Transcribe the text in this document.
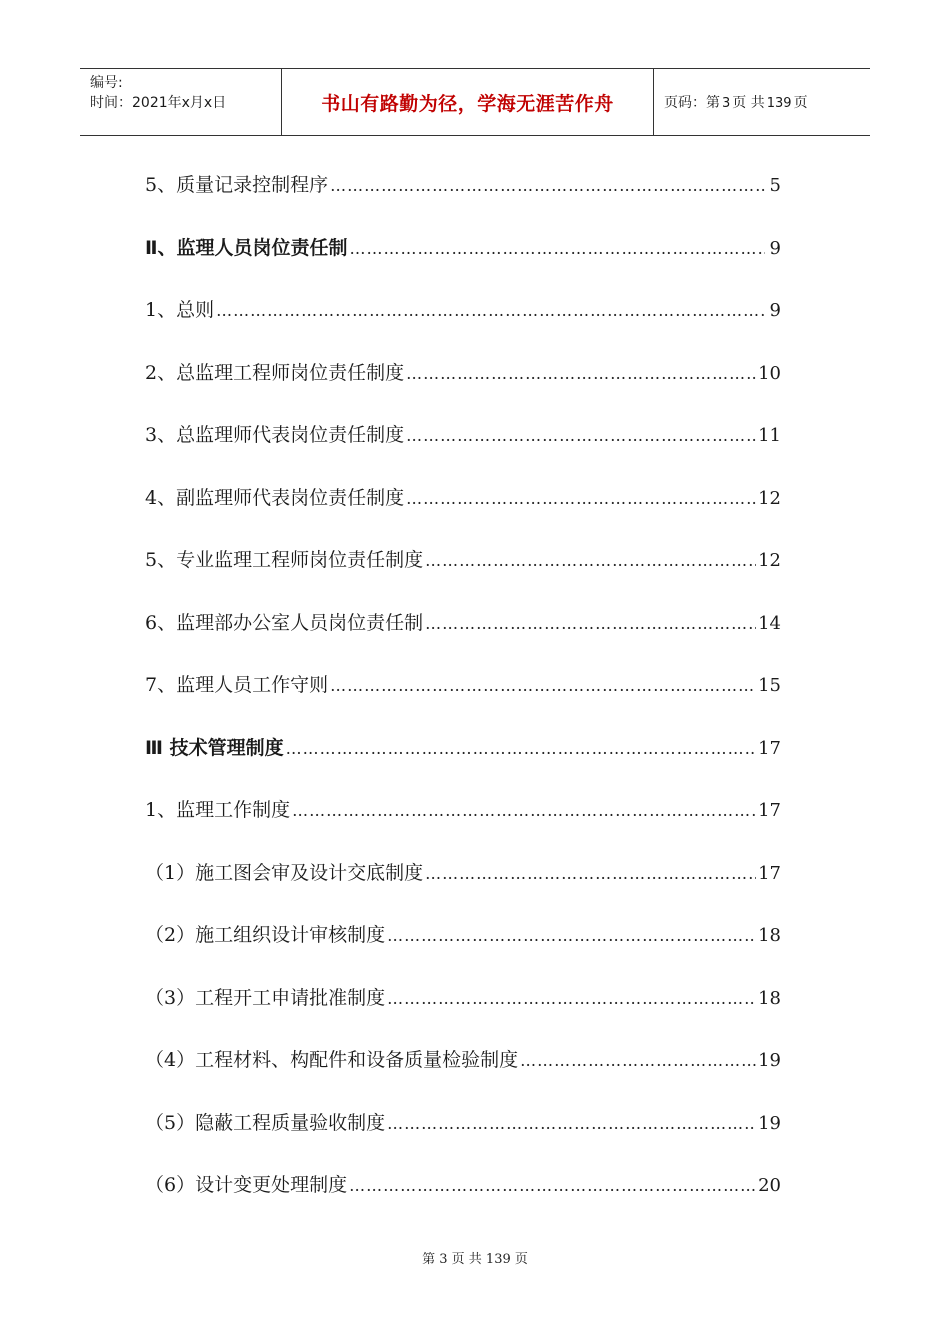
编号:
时间：2021年x月x日	书山有路勤为径，学海无涯苦作舟	页码：第 3 页 共 139 页
5、质量记录控制程序 ………………………………………………………………………………………………………………………………………………………………	5
Ⅱ、监理人员岗位责任制 ………………………………………………………………………………………………………………………………………………………………	9
1、总则 ………………………………………………………………………………………………………………………………………………………………	9
2、总监理工程师岗位责任制度 ………………………………………………………………………………………………………………………………………………………………	10
3、总监理师代表岗位责任制度 ………………………………………………………………………………………………………………………………………………………………	11
4、副监理师代表岗位责任制度 ………………………………………………………………………………………………………………………………………………………………	12
5、专业监理工程师岗位责任制度 ………………………………………………………………………………………………………………………………………………………………	12
6、监理部办公室人员岗位责任制 ………………………………………………………………………………………………………………………………………………………………	14
7、监理人员工作守则 ………………………………………………………………………………………………………………………………………………………………	15
Ⅲ 技术管理制度 ………………………………………………………………………………………………………………………………………………………………	17
1、监理工作制度 ………………………………………………………………………………………………………………………………………………………………	17
（1）施工图会审及设计交底制度 ………………………………………………………………………………………………………………………………………………………………	17
（2）施工组织设计审核制度 ………………………………………………………………………………………………………………………………………………………………	18
（3）工程开工申请批准制度 ………………………………………………………………………………………………………………………………………………………………	18
（4）工程材料、构配件和设备质量检验制度 ………………………………………………………………………………………………………………………………………………………………	19
（5）隐蔽工程质量验收制度 ………………………………………………………………………………………………………………………………………………………………	19
（6）设计变更处理制度 ………………………………………………………………………………………………………………………………………………………………	20
第 3 页 共 139 页
